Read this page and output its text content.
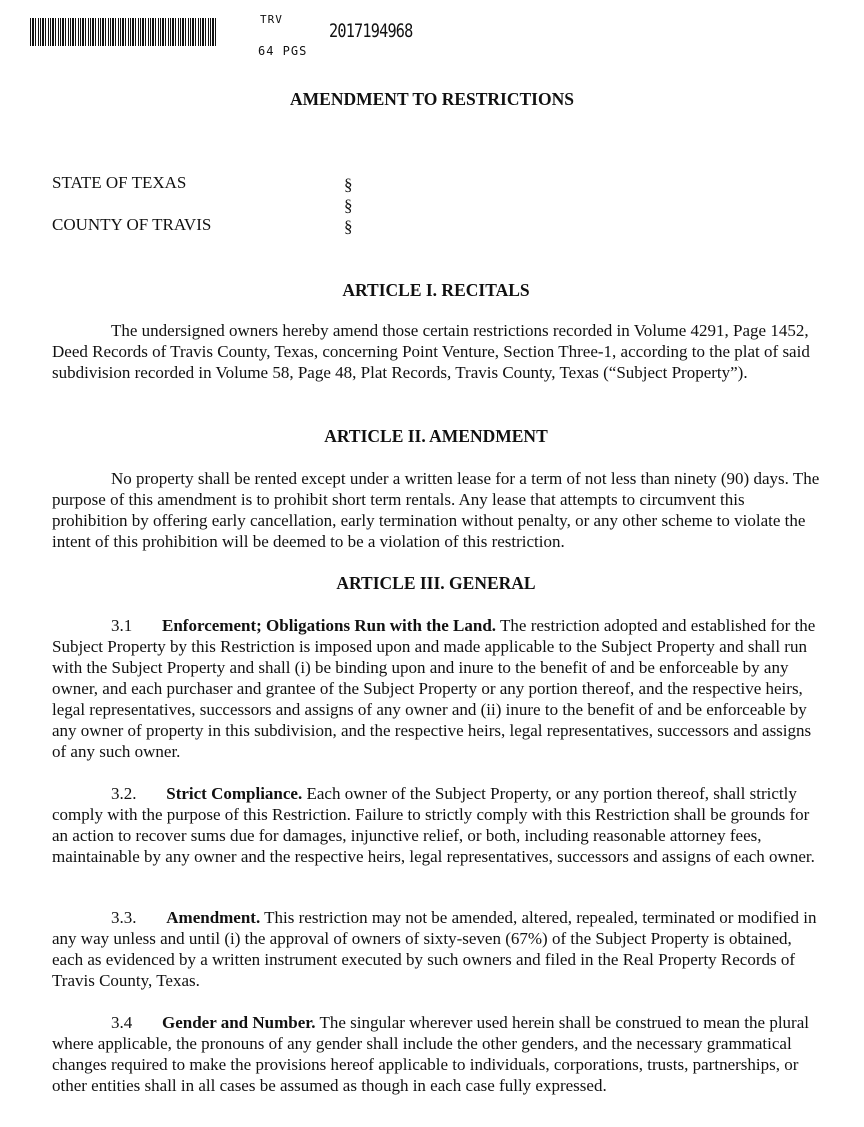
TRV
2017194968
64 PGS
AMENDMENT TO RESTRICTIONS
STATE OF TEXAS
COUNTY OF TRAVIS
§
§
§
ARTICLE I. RECITALS
The undersigned owners hereby amend those certain restrictions recorded in Volume 4291, Page 1452, Deed Records of Travis County, Texas, concerning Point Venture, Section Three-1, according to the plat of said subdivision recorded in Volume 58, Page 48, Plat Records, Travis County, Texas (“Subject Property”).
ARTICLE II. AMENDMENT
No property shall be rented except under a written lease for a term of not less than ninety (90) days. The purpose of this amendment is to prohibit short term rentals. Any lease that attempts to circumvent this prohibition by offering early cancellation, early termination without penalty, or any other scheme to violate the intent of this prohibition will be deemed to be a violation of this restriction.
ARTICLE III. GENERAL
3.1 Enforcement; Obligations Run with the Land. The restriction adopted and established for the Subject Property by this Restriction is imposed upon and made applicable to the Subject Property and shall run with the Subject Property and shall (i) be binding upon and inure to the benefit of and be enforceable by any owner, and each purchaser and grantee of the Subject Property or any portion thereof, and the respective heirs, legal representatives, successors and assigns of any owner and (ii) inure to the benefit of and be enforceable by any owner of property in this subdivision, and the respective heirs, legal representatives, successors and assigns of any such owner.
3.2. Strict Compliance. Each owner of the Subject Property, or any portion thereof, shall strictly comply with the purpose of this Restriction. Failure to strictly comply with this Restriction shall be grounds for an action to recover sums due for damages, injunctive relief, or both, including reasonable attorney fees, maintainable by any owner and the respective heirs, legal representatives, successors and assigns of each owner.
3.3. Amendment. This restriction may not be amended, altered, repealed, terminated or modified in any way unless and until (i) the approval of owners of sixty-seven (67%) of the Subject Property is obtained, each as evidenced by a written instrument executed by such owners and filed in the Real Property Records of Travis County, Texas.
3.4 Gender and Number. The singular wherever used herein shall be construed to mean the plural where applicable, the pronouns of any gender shall include the other genders, and the necessary grammatical changes required to make the provisions hereof applicable to individuals, corporations, trusts, partnerships, or other entities shall in all cases be assumed as though in each case fully expressed.
